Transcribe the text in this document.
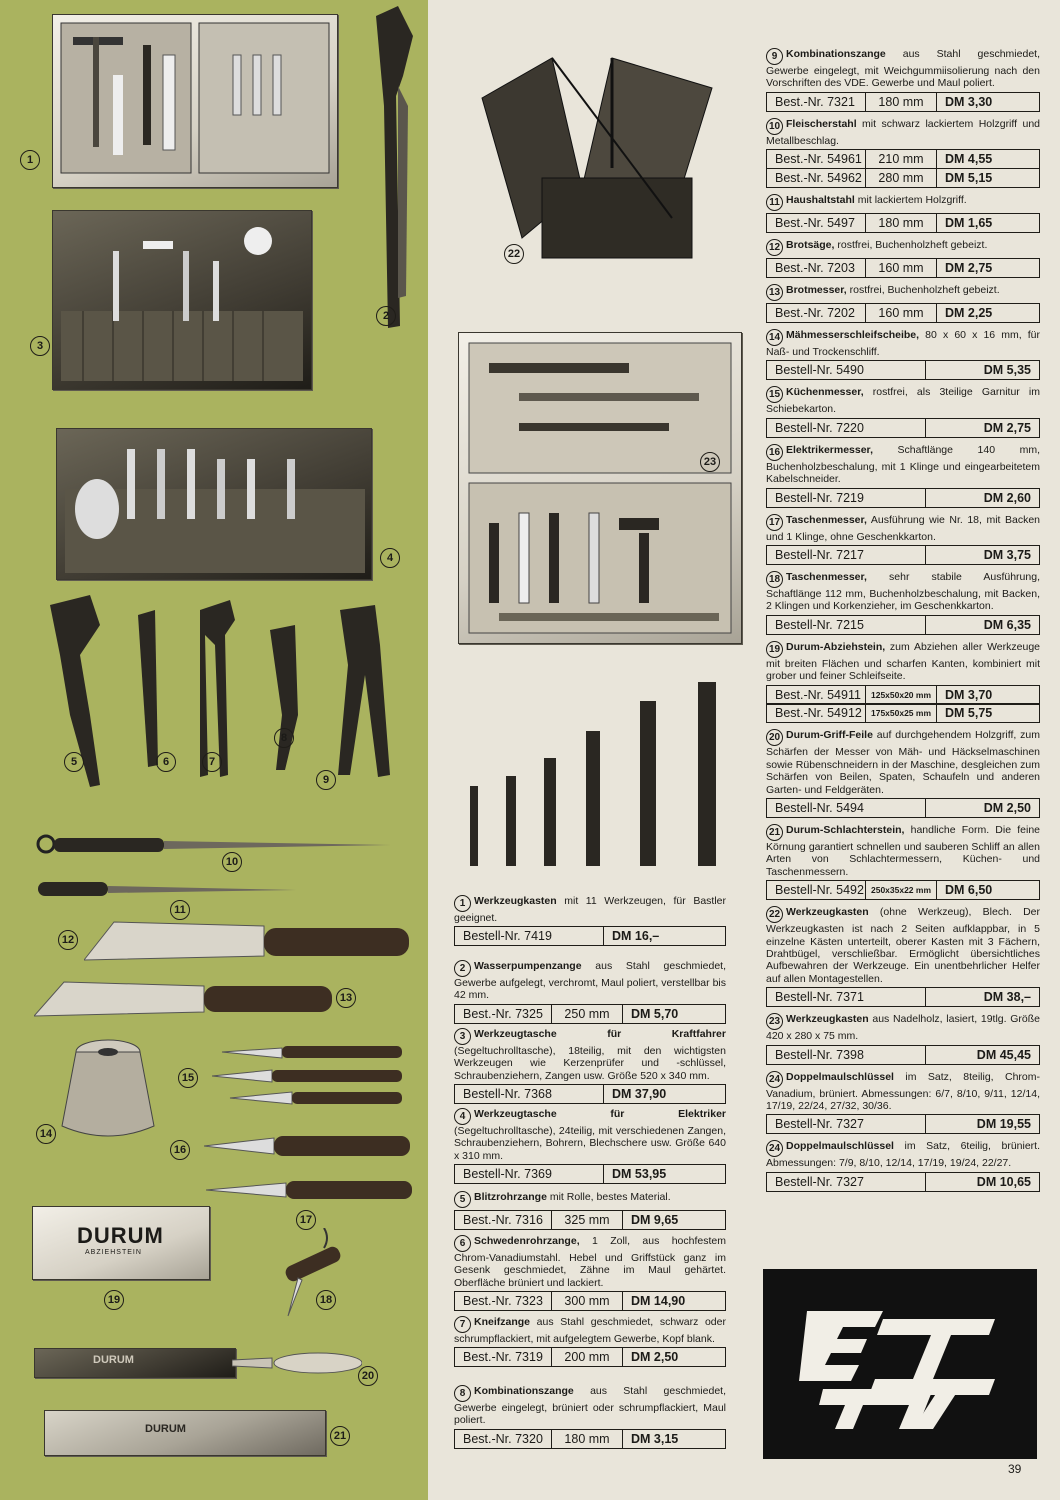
1
2
3
4
5	6	7
8
9
10
11
12
13
14
15
16
17
DURUM
ABZIEHSTEIN
19	18
DURUM
20
DURUM
21
22
23
1 Werkzeugkasten mit 11 Werkzeugen, für Bastler geeignet.
Bestell-Nr. 7419	DM 16,–
2 Wasserpumpenzange aus Stahl geschmiedet, Gewerbe aufgelegt, verchromt, Maul poliert, verstellbar bis 42 mm.
Best.-Nr. 7325	250 mm	DM 5,70
3 Werkzeugtasche für Kraftfahrer (Segeltuchrolltasche), 18teilig, mit den wichtigsten Werkzeugen wie Kerzenprüfer und -schlüssel, Schraubenziehern, Zangen usw. Größe 520 x 340 mm.
Bestell-Nr. 7368	DM 37,90
4 Werkzeugtasche für Elektriker (Segeltuchrolltasche), 24teilig, mit verschiedenen Zangen, Schraubenziehern, Bohrern, Blechschere usw. Größe 640 x 310 mm.
Bestell-Nr. 7369	DM 53,95
5 Blitzrohrzange mit Rolle, bestes Material.
Best.-Nr. 7316	325 mm	DM 9,65
6 Schwedenrohrzange, 1 Zoll, aus hochfestem Chrom-Vanadiumstahl. Hebel und Griffstück ganz im Gesenk geschmiedet, Zähne im Maul gehärtet. Oberfläche brüniert und lackiert.
Best.-Nr. 7323	300 mm	DM 14,90
7 Kneifzange aus Stahl geschmiedet, schwarz oder schrumpflackiert, mit aufgelegtem Gewerbe, Kopf blank.
Best.-Nr. 7319	200 mm	DM 2,50
8 Kombinationszange aus Stahl geschmiedet, Gewerbe eingelegt, brüniert oder schrumpflackiert, Maul poliert.
Best.-Nr. 7320	180 mm	DM 3,15
9 Kombinationszange aus Stahl geschmiedet, Gewerbe eingelegt, mit Weichgummiisolierung nach den Vorschriften des VDE. Gewerbe und Maul poliert.
Best.-Nr. 7321	180 mm	DM 3,30
10 Fleischerstahl mit schwarz lackiertem Holzgriff und Metallbeschlag.
Best.-Nr. 54961	210 mm	DM 4,55
Best.-Nr. 54962	280 mm	DM 5,15
11 Haushaltstahl mit lackiertem Holzgriff.
Best.-Nr. 5497	180 mm	DM 1,65
12 Brotsäge, rostfrei, Buchenholzheft gebeizt.
Best.-Nr. 7203	160 mm	DM 2,75
13 Brotmesser, rostfrei, Buchenholzheft gebeizt.
Best.-Nr. 7202	160 mm	DM 2,25
14 Mähmesserschleifscheibe, 80 x 60 x 16 mm, für Naß- und Trockenschliff.
Bestell-Nr. 5490	DM 5,35
15 Küchenmesser, rostfrei, als 3teilige Garnitur im Schiebekarton.
Bestell-Nr. 7220	DM 2,75
16 Elektrikermesser, Schaftlänge 140 mm, Buchenholzbeschalung, mit 1 Klinge und eingearbeitetem Kabelschneider.
Bestell-Nr. 7219	DM 2,60
17 Taschenmesser, Ausführung wie Nr. 18, mit Backen und 1 Klinge, ohne Geschenkkarton.
Bestell-Nr. 7217	DM 3,75
18 Taschenmesser, sehr stabile Ausführung, Schaftlänge 112 mm, Buchenholzbeschalung, mit Backen, 2 Klingen und Korkenzieher, im Geschenkkarton.
Bestell-Nr. 7215	DM 6,35
19 Durum-Abziehstein, zum Abziehen aller Werkzeuge mit breiten Flächen und scharfen Kanten, kombiniert mit grober und feiner Schleifseite.
Best.-Nr. 54911	125x50x20 mm	DM 3,70
Best.-Nr. 54912	175x50x25 mm	DM 5,75
20 Durum-Griff-Feile auf durchgehendem Holzgriff, zum Schärfen der Messer von Mäh- und Häckselmaschinen sowie Rübenschneidern in der Maschine, desgleichen zum Schärfen von Beilen, Spaten, Schaufeln und anderen Garten- und Feldgeräten.
Bestell-Nr. 5494	DM 2,50
21 Durum-Schlachterstein, handliche Form. Die feine Körnung garantiert schnellen und sauberen Schliff an allen Arten von Schlachtermessern, Küchen- und Taschenmessern.
Bestell-Nr. 5492 250x35x22 mm	DM 6,50
22 Werkzeugkasten (ohne Werkzeug), Blech. Der Werkzeugkasten ist nach 2 Seiten aufklappbar, in 5 einzelne Kästen unterteilt, oberer Kasten mit 3 Fächern, Drahtbügel, verschließbar. Ermöglicht übersichtliches Aufbewahren der Werkzeuge. Ein unentbehrlicher Helfer auf allen Montagestellen.
Bestell-Nr. 7371	DM 38,–
23 Werkzeugkasten aus Nadelholz, lasiert, 19tlg. Größe 420 x 280 x 75 mm.
Bestell-Nr. 7398	DM 45,45
24 Doppelmaulschlüssel im Satz, 8teilig, Chrom-Vanadium, brüniert. Abmessungen: 6/7, 8/10, 9/11, 12/14, 17/19, 22/24, 27/32, 30/36.
Bestell-Nr. 7327	DM 19,55
24 Doppelmaulschlüssel im Satz, 6teilig, brüniert. Abmessungen: 7/9, 8/10, 12/14, 17/19, 19/24, 22/27.
Bestell-Nr. 7327	DM 10,65
39
